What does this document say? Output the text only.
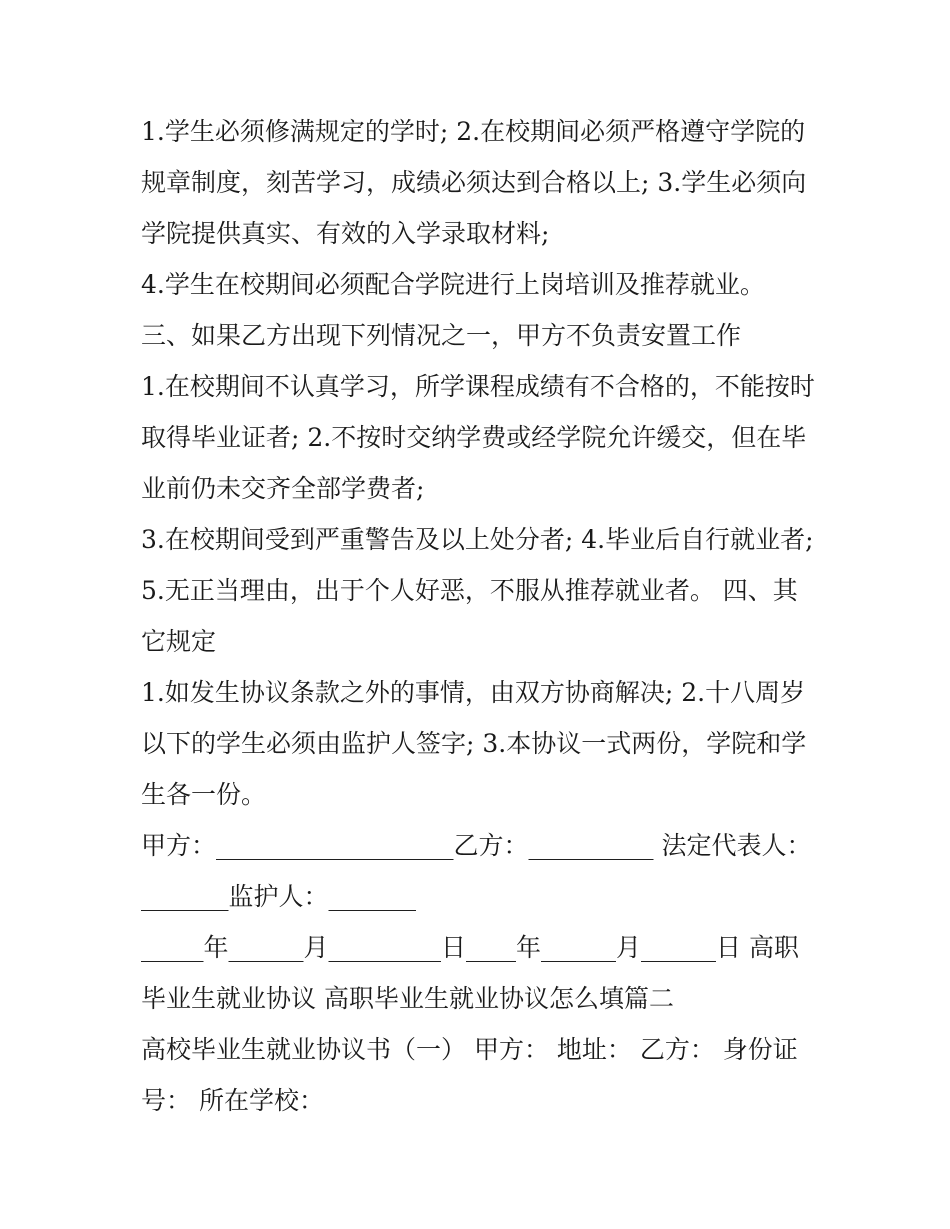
1.学生必须修满规定的学时; 2.在校期间必须严格遵守学院的规章制度，刻苦学习，成绩必须达到合格以上; 3.学生必须向学院提供真实、有效的入学录取材料;

4.学生在校期间必须配合学院进行上岗培训及推荐就业。 三、如果乙方出现下列情况之一，甲方不负责安置工作

1.在校期间不认真学习，所学课程成绩有不合格的，不能按时取得毕业证者; 2.不按时交纳学费或经学院允许缓交，但在毕业前仍未交齐全部学费者;

3.在校期间受到严重警告及以上处分者; 4.毕业后自行就业者;

5.无正当理由，出于个人好恶，不服从推荐就业者。 四、其它规定

1.如发生协议条款之外的事情，由双方协商解决; 2.十八周岁以下的学生必须由监护人签字; 3.本协议一式两份，学院和学生各一份。

甲方：___________________乙方：__________ 法定代表人：_______监护人：_______

_____年______月_________日____年______月______日 高职毕业生就业协议 高职毕业生就业协议怎么填篇二

高校毕业生就业协议书（一） 甲方： 地址： 乙方： 身份证号： 所在学校：
